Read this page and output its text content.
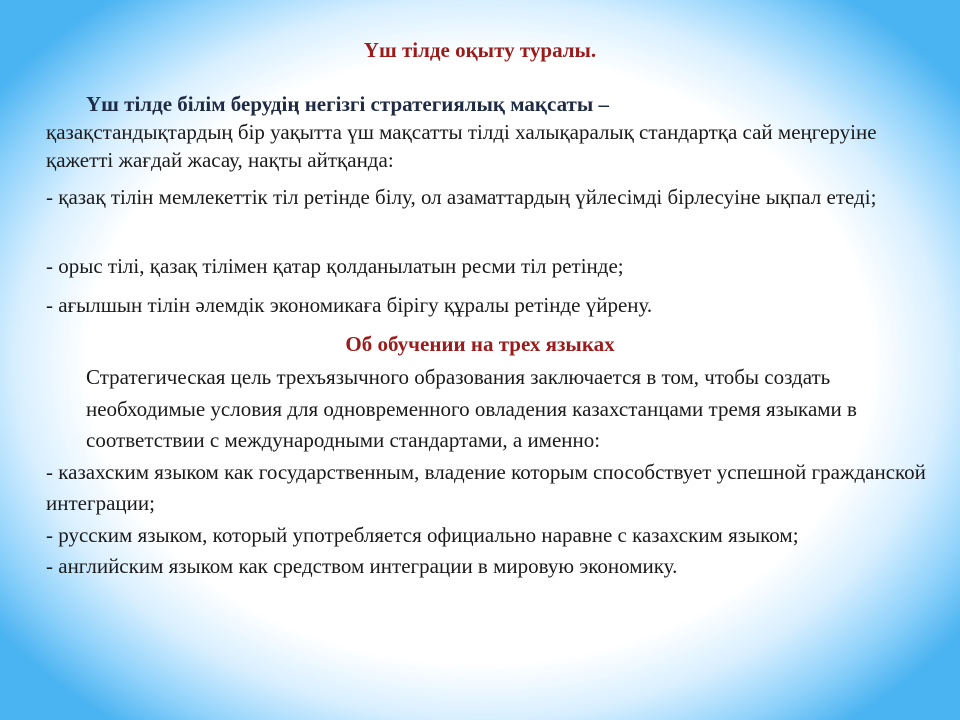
Үш тілде оқыту туралы.

Үш тілде білім берудің негізгі стратегиялық мақсаты –
қазақстандықтардың бір уақытта үш мақсатты тілді халықаралық стандартқа сай меңгеруіне қажетті жағдай жасау, нақты айтқанда:

- қазақ тілін мемлекеттік тіл ретінде білу, ол азаматтардың үйлесімді бірлесуіне ықпал етеді;

- орыс тілі, қазақ тілімен қатар қолданылатын ресми тіл ретінде;

- ағылшын тілін әлемдік экономикаға бірігу құралы ретінде үйрену.

Об обучении на трех языках
Стратегическая цель трехъязычного образования заключается в том, чтобы создать необходимые условия для одновременного овладения казахстанцами тремя языками в соответствии с международными стандартами, а именно:
- казахским языком как государственным, владение которым способствует успешной гражданской интеграции;
- русским языком, который употребляется официально наравне с казахским языком;
- английским языком как средством интеграции в мировую экономику.
